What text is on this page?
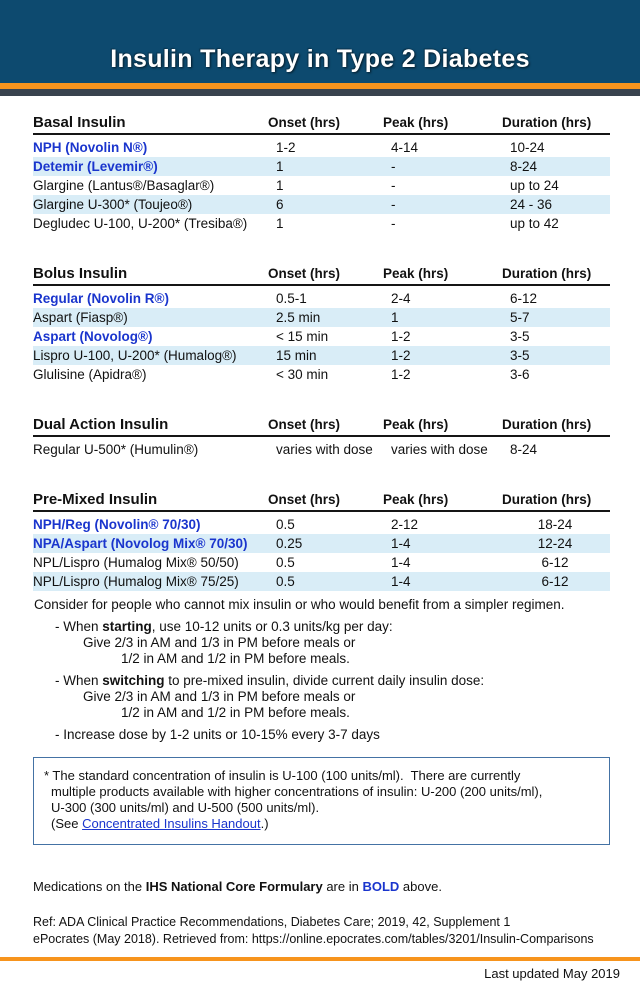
Insulin Therapy in Type 2 Diabetes
Basal Insulin	Onset (hrs)	Peak (hrs)	Duration (hrs)
NPH (Novolin N®)	1-2	4-14	10-24
Detemir (Levemir®)	1	-	8-24
Glargine (Lantus®/Basaglar®)	1	-	up to 24
Glargine U-300* (Toujeo®)	6	-	24 - 36
Degludec U-100, U-200* (Tresiba®)	1	-	up to 42
Bolus Insulin	Onset (hrs)	Peak (hrs)	Duration (hrs)
Regular (Novolin R®)	0.5-1	2-4	6-12
Aspart (Fiasp®)	2.5 min	1	5-7
Aspart (Novolog®)	< 15 min	1-2	3-5
Lispro U-100, U-200* (Humalog®)	15 min	1-2	3-5
Glulisine (Apidra®)	< 30 min	1-2	3-6
Dual Action Insulin	Onset (hrs)	Peak (hrs)	Duration (hrs)
Regular U-500* (Humulin®)	varies with dose	varies with dose	8-24
Pre-Mixed Insulin	Onset (hrs)	Peak (hrs)	Duration (hrs)
NPH/Reg (Novolin® 70/30)	0.5	2-12	18-24
NPA/Aspart (Novolog Mix® 70/30)	0.25	1-4	12-24
NPL/Lispro (Humalog Mix® 50/50)	0.5	1-4	6-12
NPL/Lispro (Humalog Mix® 75/25)	0.5	1-4	6-12
Consider for people who cannot mix insulin or who would benefit from a simpler regimen.
- When starting, use 10-12 units or 0.3 units/kg per day:
Give 2/3 in AM and 1/3 in PM before meals or
1/2 in AM and 1/2 in PM before meals.
- When switching to pre-mixed insulin, divide current daily insulin dose:
Give 2/3 in AM and 1/3 in PM before meals or
1/2 in AM and 1/2 in PM before meals.
- Increase dose by 1-2 units or 10-15% every 3-7 days
* The standard concentration of insulin is U-100 (100 units/ml).  There are currently
multiple products available with higher concentrations of insulin: U-200 (200 units/ml),
U-300 (300 units/ml) and U-500 (500 units/ml).
(See Concentrated Insulins Handout.)
Medications on the IHS National Core Formulary are in BOLD above.
Ref: ADA Clinical Practice Recommendations, Diabetes Care; 2019, 42, Supplement 1
ePocrates (May 2018). Retrieved from: https://online.epocrates.com/tables/3201/Insulin-Comparisons
Last updated May 2019
